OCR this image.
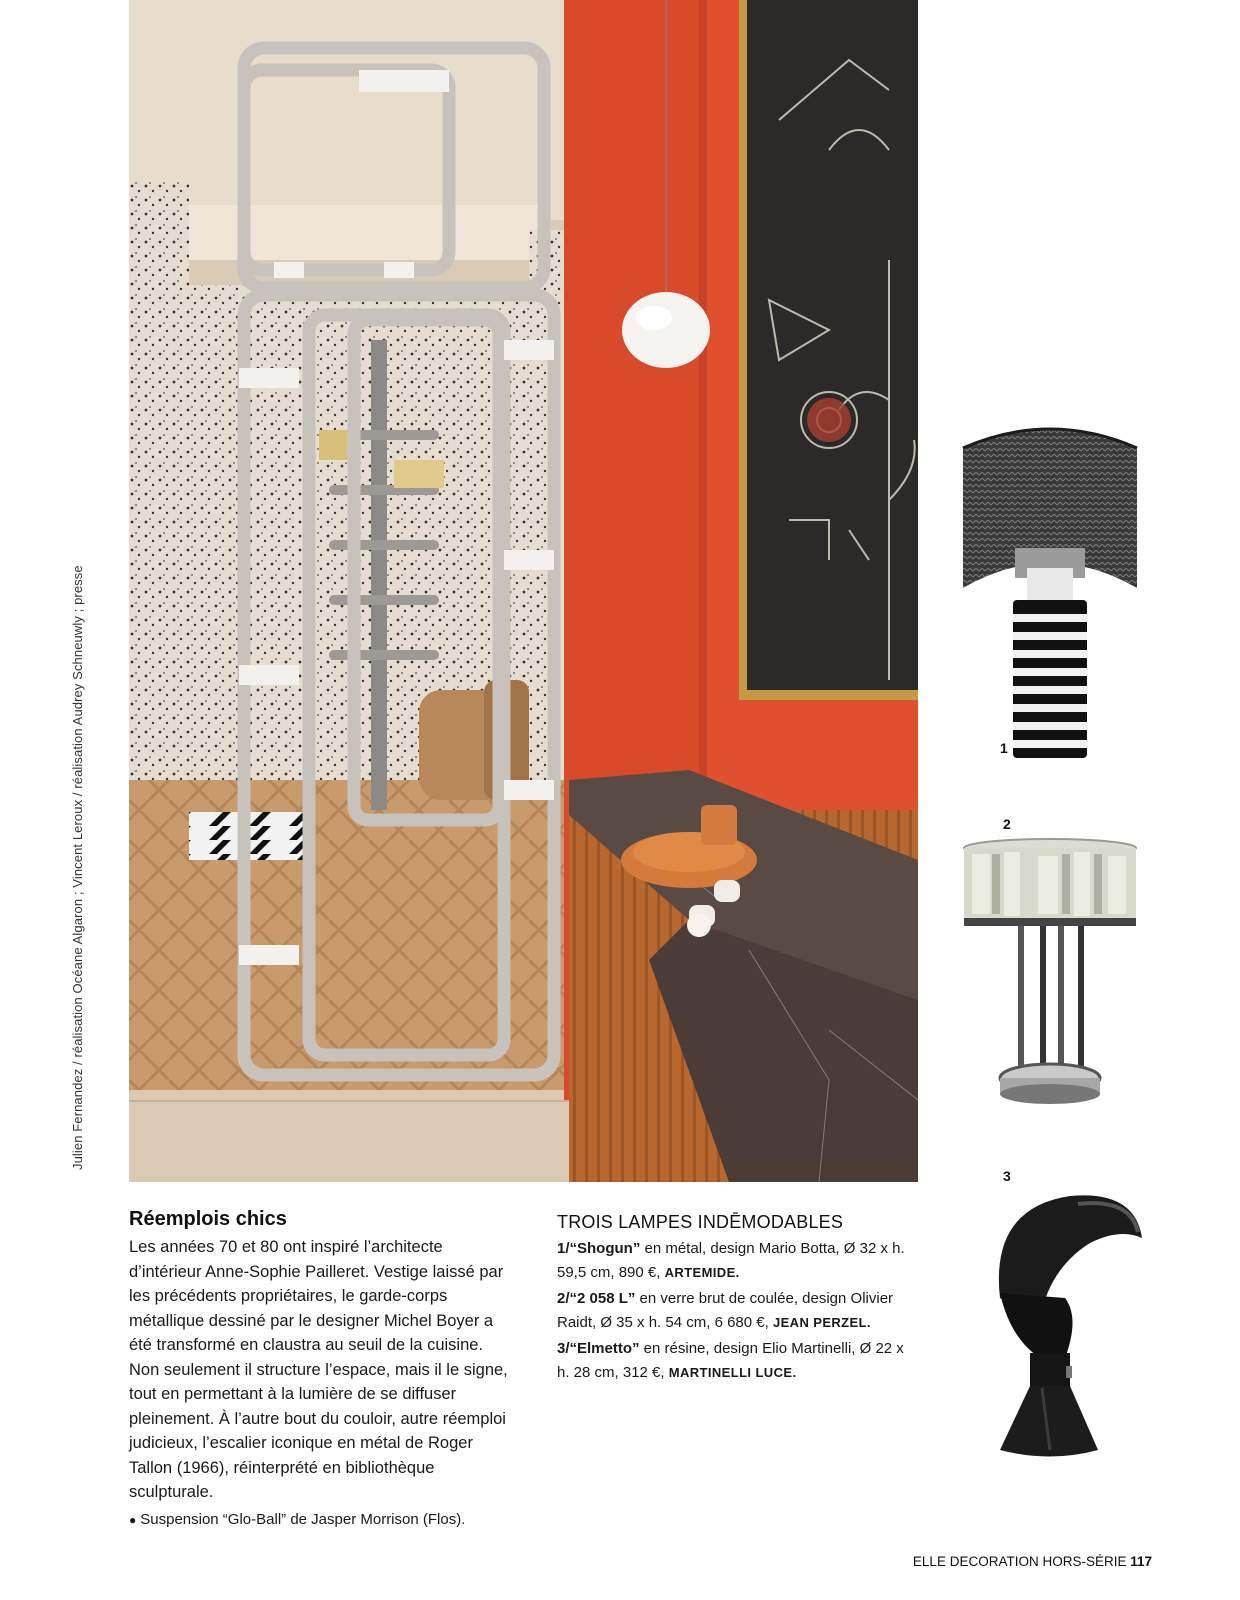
Julien Fernandez / réalisation Océane Algaron ; Vincent Leroux / réalisation Audrey Schneuwly ; presse	1
2
3
Réemplois chics

Les années 70 et 80 ont inspiré l’architecte d’intérieur Anne-Sophie Pailleret. Vestige laissé par les précédents propriétaires, le garde-corps métallique dessiné par le designer Michel Boyer a été transformé en claustra au seuil de la cuisine. Non seulement il structure l’espace, mais il le signe, tout en permettant à la lumière de se diffuser pleinement. À l’autre bout du couloir, autre réemploi judicieux, l’escalier iconique en métal de Roger Tallon (1966), réinterprété en bibliothèque sculpturale.

● Suspension “Glo-Ball” de Jasper Morrison (Flos).

TROIS LAMPES INDĒMODABLES

1/“Shogun” en métal, design Mario Botta, Ø 32 x h. 59,5 cm, 890 €, ARTEMIDE.

2/“2 058 L” en verre brut de coulée, design Olivier Raidt, Ø 35 x h. 54 cm, 6 680 €, JEAN PERZEL.

3/“Elmetto” en résine, design Elio Martinelli, Ø 22 x h. 28 cm, 312 €, MARTINELLI LUCE.

ELLE DECORATION HORS-SÉRIE 117
